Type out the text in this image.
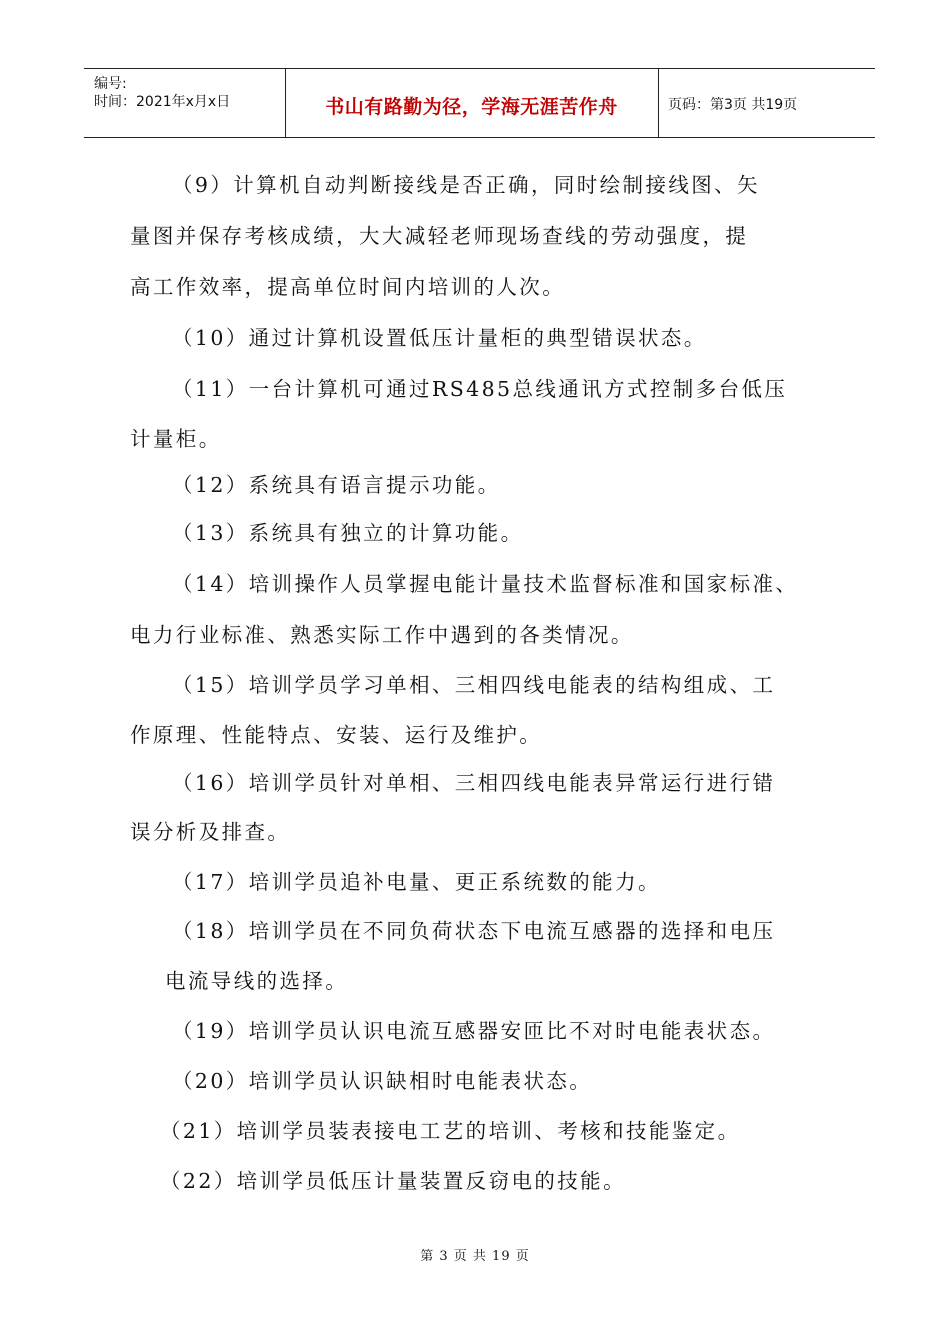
编号:
时间：2021年x月x日	书山有路勤为径，学海无涯苦作舟	页码：第3页 共19页
（9）计算机自动判断接线是否正确，同时绘制接线图、矢
量图并保存考核成绩，大大减轻老师现场查线的劳动强度，提
高工作效率，提高单位时间内培训的人次。
（10）通过计算机设置低压计量柜的典型错误状态。
（11）一台计算机可通过RS485总线通讯方式控制多台低压
计量柜。
（12）系统具有语言提示功能。
（13）系统具有独立的计算功能。
（14）培训操作人员掌握电能计量技术监督标准和国家标准、
电力行业标准、熟悉实际工作中遇到的各类情况。
（15）培训学员学习单相、三相四线电能表的结构组成、工
作原理、性能特点、安装、运行及维护。
（16）培训学员针对单相、三相四线电能表异常运行进行错
误分析及排查。
（17）培训学员追补电量、更正系统数的能力。
（18）培训学员在不同负荷状态下电流互感器的选择和电压
电流导线的选择。
（19）培训学员认识电流互感器安匝比不对时电能表状态。
（20）培训学员认识缺相时电能表状态。
（21）培训学员装表接电工艺的培训、考核和技能鉴定。
（22）培训学员低压计量装置反窃电的技能。
第 3 页 共 19 页
